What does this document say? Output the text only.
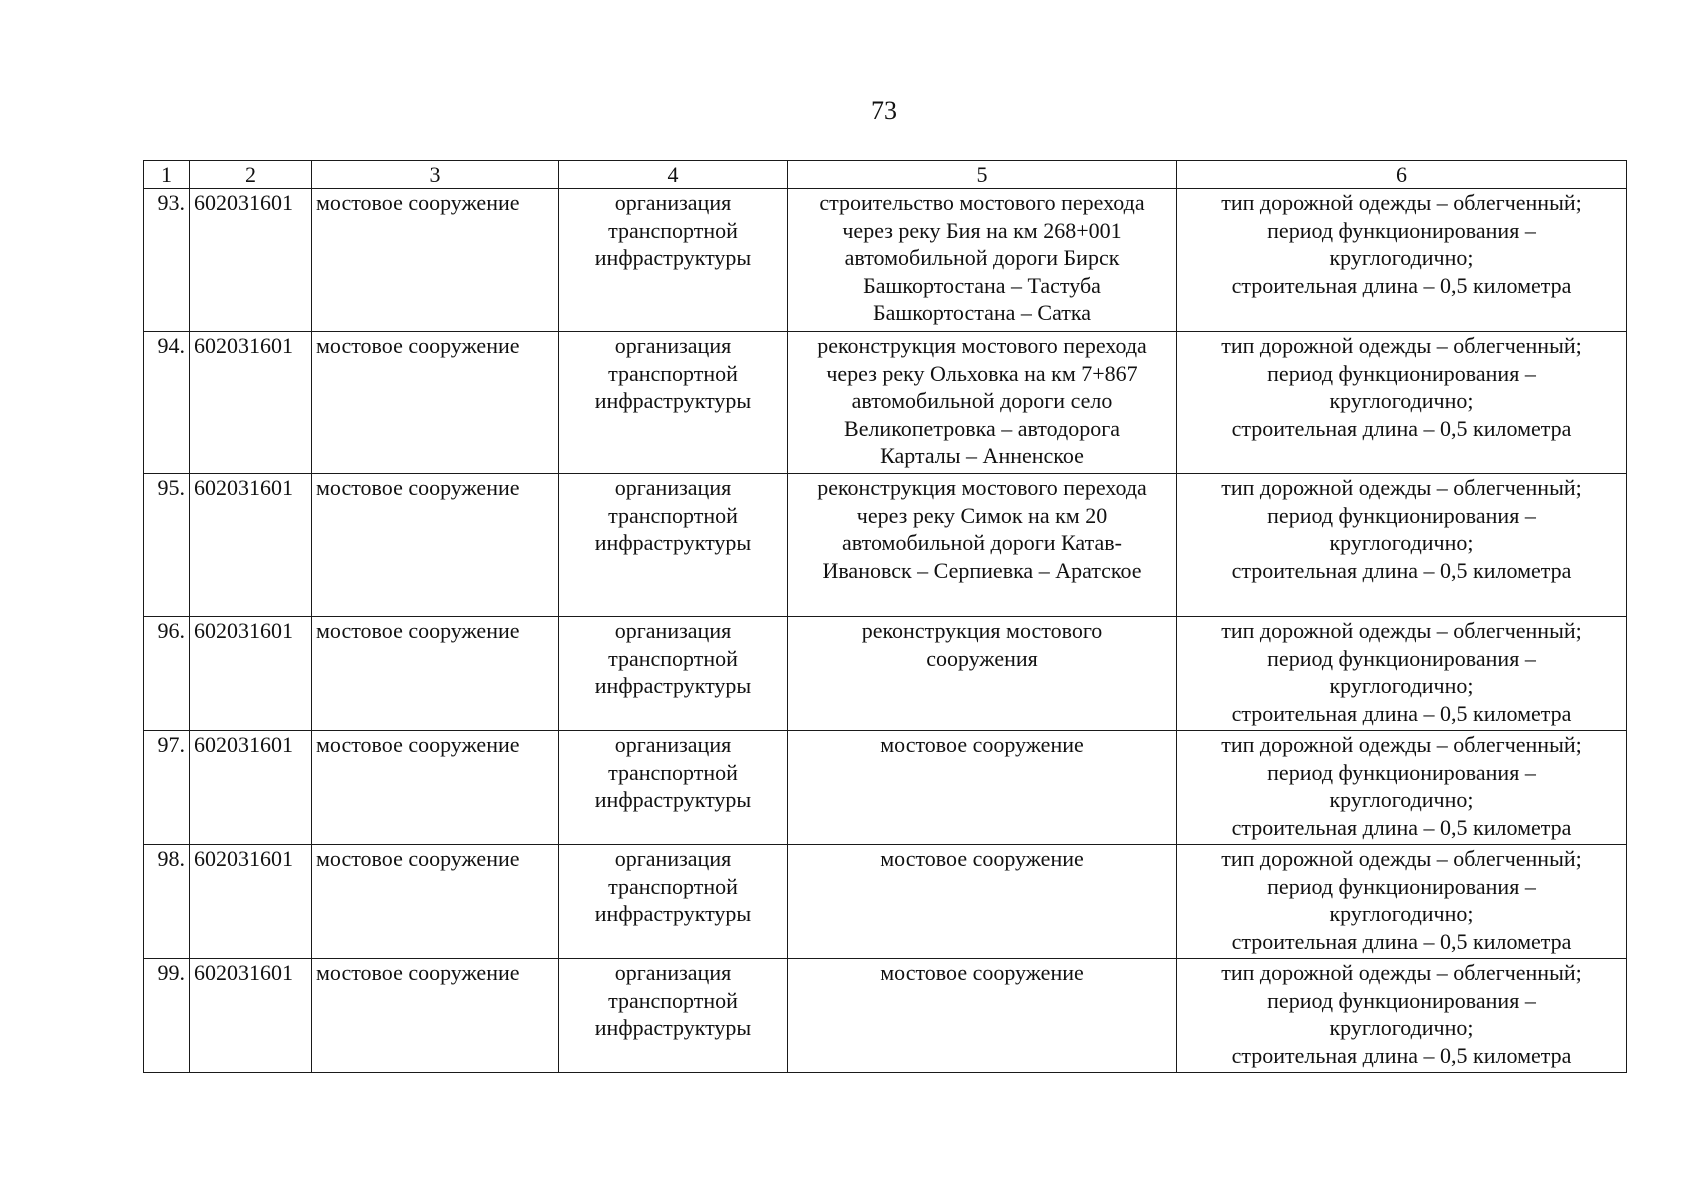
73
1	2	3	4	5	6
93.	602031601	мостовое сооружение	организация
транспортной
инфраструктуры	строительство мостового перехода
через реку Бия на км 268+001
автомобильной дороги Бирск
Башкортостана – Тастуба
Башкортостана – Сатка	тип дорожной одежды – облегченный;
период функционирования –
круглогодично;
строительная длина – 0,5 километра

94.	602031601	мостовое сооружение	организация
транспортной
инфраструктуры	реконструкция мостового перехода
через реку Ольховка на км 7+867
автомобильной дороги село
Великопетровка – автодорога
Карталы – Анненское	тип дорожной одежды – облегченный;
период функционирования –
круглогодично;
строительная длина – 0,5 километра

95.	602031601	мостовое сооружение	организация
транспортной
инфраструктуры	реконструкция мостового перехода
через реку Симок на км 20
автомобильной дороги Катав-
Ивановск – Серпиевка – Аратское	тип дорожной одежды – облегченный;
период функционирования –
круглогодично;
строительная длина – 0,5 километра

96.	602031601	мостовое сооружение	организация
транспортной
инфраструктуры	реконструкция мостового
сооружения	тип дорожной одежды – облегченный;
период функционирования –
круглогодично;
строительная длина – 0,5 километра

97.	602031601	мостовое сооружение	организация
транспортной
инфраструктуры	мостовое сооружение	тип дорожной одежды – облегченный;
период функционирования –
круглогодично;
строительная длина – 0,5 километра

98.	602031601	мостовое сооружение	организация
транспортной
инфраструктуры	мостовое сооружение	тип дорожной одежды – облегченный;
период функционирования –
круглогодично;
строительная длина – 0,5 километра

99.	602031601	мостовое сооружение	организация
транспортной
инфраструктуры	мостовое сооружение	тип дорожной одежды – облегченный;
период функционирования –
круглогодично;
строительная длина – 0,5 километра
